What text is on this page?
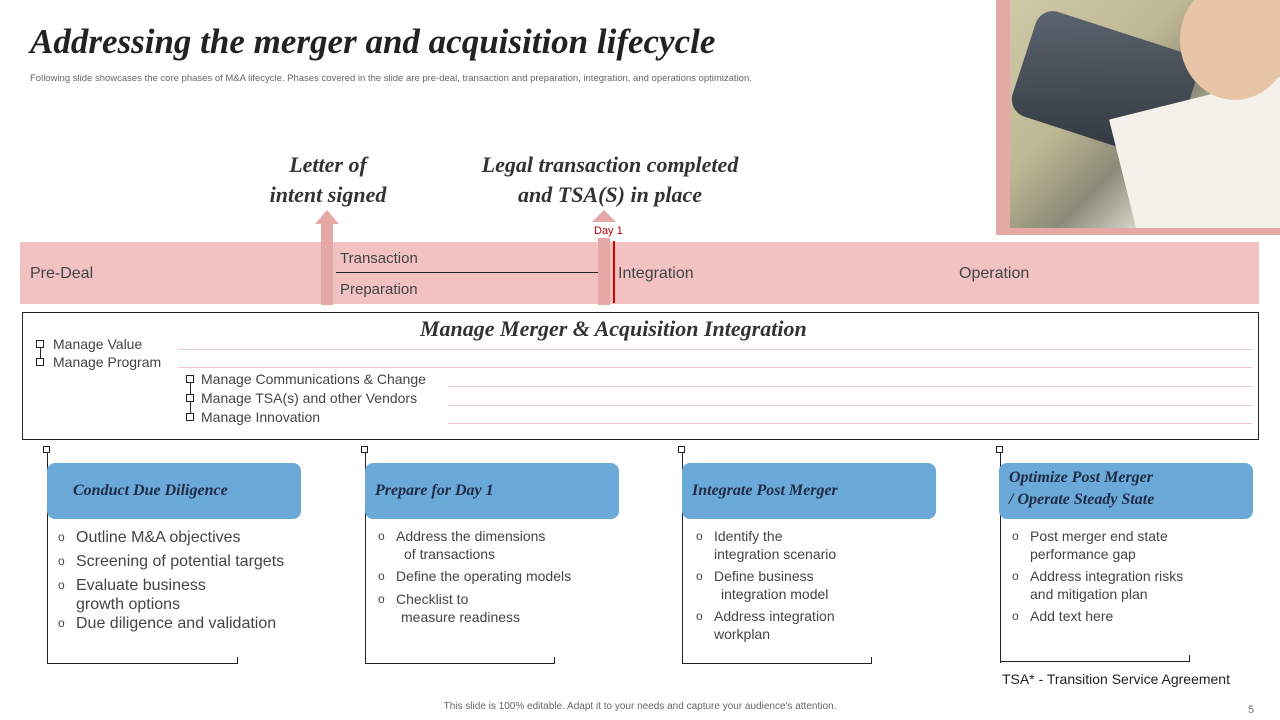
Addressing the merger and acquisition lifecycle
Following slide showcases the core phases of M&A lifecycle. Phases covered in the slide are pre-deal, transaction and preparation, integration, and operations optimization.
Letter of
intent signed
Legal transaction completed
and TSA(S) in place
Day 1
Pre-Deal
Transaction
Preparation
Integration	Operation
Manage Merger & Acquisition Integration
Manage Value
Manage Program
Manage Communications & Change
Manage TSA(s) and other Vendors
Manage Innovation
Conduct Due Diligence
o Outline M&A objectives
o Screening of potential targets
o Evaluate business
growth options
o Due diligence and validation
Prepare for Day 1
o Address the dimensions
of transactions
o Define the operating models
o Checklist to
measure readiness
Integrate Post Merger
o Identify the
integration scenario
o Define business
integration model
o Address integration
workplan
Optimize Post Merger
/ Operate Steady State
o Post merger end state
performance gap
o Address integration risks
and mitigation plan
o Add text here
TSA* - Transition Service Agreement
This slide is 100% editable. Adapt it to your needs and capture your audience's attention.	5
